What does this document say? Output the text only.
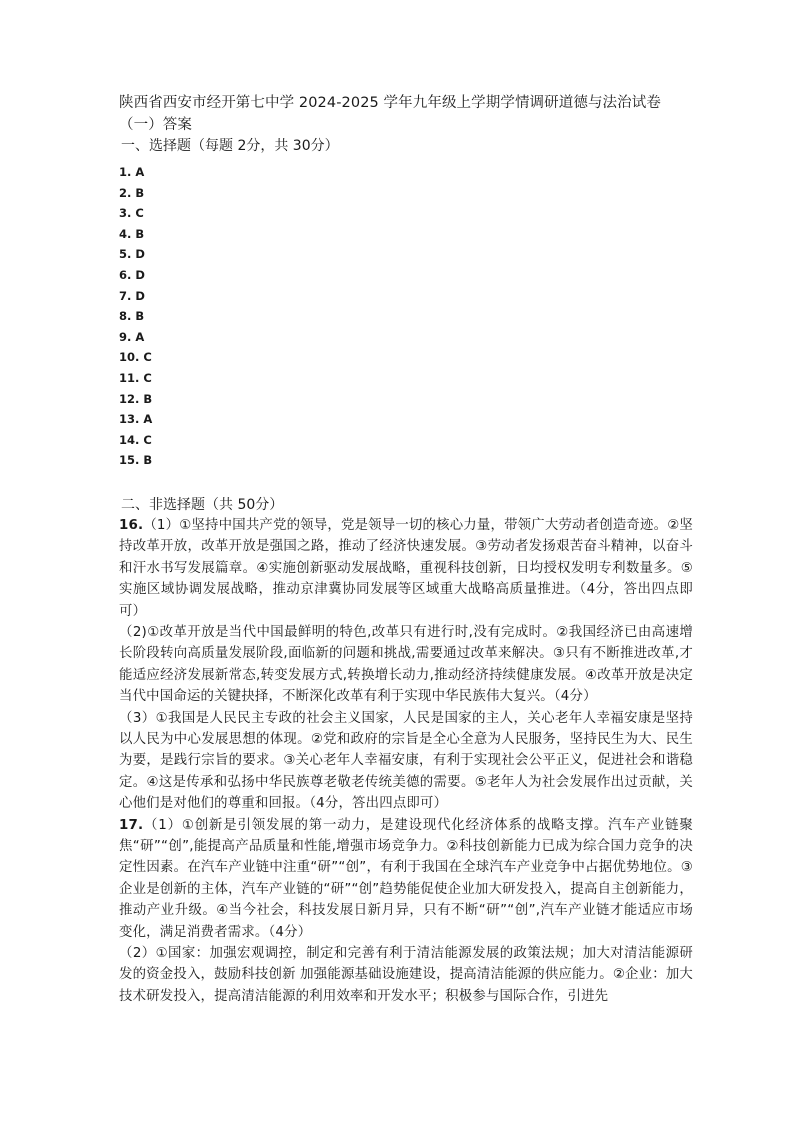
陕西省西安市经开第七中学 2024-2025 学年九年级上学期学情调研道德与法治试卷（一）答案

一、选择题（每题 2分，共 30分）

1. A
2. B
3. C
4. B
5. D
6. D
7. D
8. B
9. A
10. C
11. C
12. B
13. A
14. C
15. B

二、非选择题（共 50分）

16.（1）①坚持中国共产党的领导，党是领导一切的核心力量，带领广大劳动者创造奇迹。②坚持改革开放，改革开放是强国之路，推动了经济快速发展。③劳动者发扬艰苦奋斗精神，以奋斗和汗水书写发展篇章。④实施创新驱动发展战略，重视科技创新，日均授权发明专利数量多。⑤实施区域协调发展战略，推动京津冀协同发展等区域重大战略高质量推进。（4分，答出四点即可）

（2)①改革开放是当代中国最鲜明的特色,改革只有进行时,没有完成时。②我国经济已由高速增长阶段转向高质量发展阶段,面临新的问题和挑战,需要通过改革来解决。③只有不断推进改革,才能适应经济发展新常态,转变发展方式,转换增长动力,推动经济持续健康发展。④改革开放是决定当代中国命运的关键抉择，不断深化改革有利于实现中华民族伟大复兴。（4分）

（3）①我国是人民民主专政的社会主义国家，人民是国家的主人，关心老年人幸福安康是坚持以人民为中心发展思想的体现。②党和政府的宗旨是全心全意为人民服务，坚持民生为大、民生为要，是践行宗旨的要求。③关心老年人幸福安康，有利于实现社会公平正义，促进社会和谐稳定。④这是传承和弘扬中华民族尊老敬老传统美德的需要。⑤老年人为社会发展作出过贡献，关心他们是对他们的尊重和回报。（4分，答出四点即可）

17.（1）①创新是引领发展的第一动力，是建设现代化经济体系的战略支撑。汽车产业链聚焦“研”“创”,能提高产品质量和性能,增强市场竞争力。②科技创新能力已成为综合国力竞争的决定性因素。在汽车产业链中注重“研”“创”，有利于我国在全球汽车产业竞争中占据优势地位。③企业是创新的主体，汽车产业链的“研”“创”趋势能促使企业加大研发投入，提高自主创新能力，推动产业升级。④当今社会，科技发展日新月异，只有不断“研”“创”,汽车产业链才能适应市场变化，满足消费者需求。（4分）

（2）①国家：加强宏观调控，制定和完善有利于清洁能源发展的政策法规；加大对清洁能源研发的资金投入，鼓励科技创新 加强能源基础设施建设，提高清洁能源的供应能力。②企业：加大技术研发投入，提高清洁能源的利用效率和开发水平；积极参与国际合作，引进先
